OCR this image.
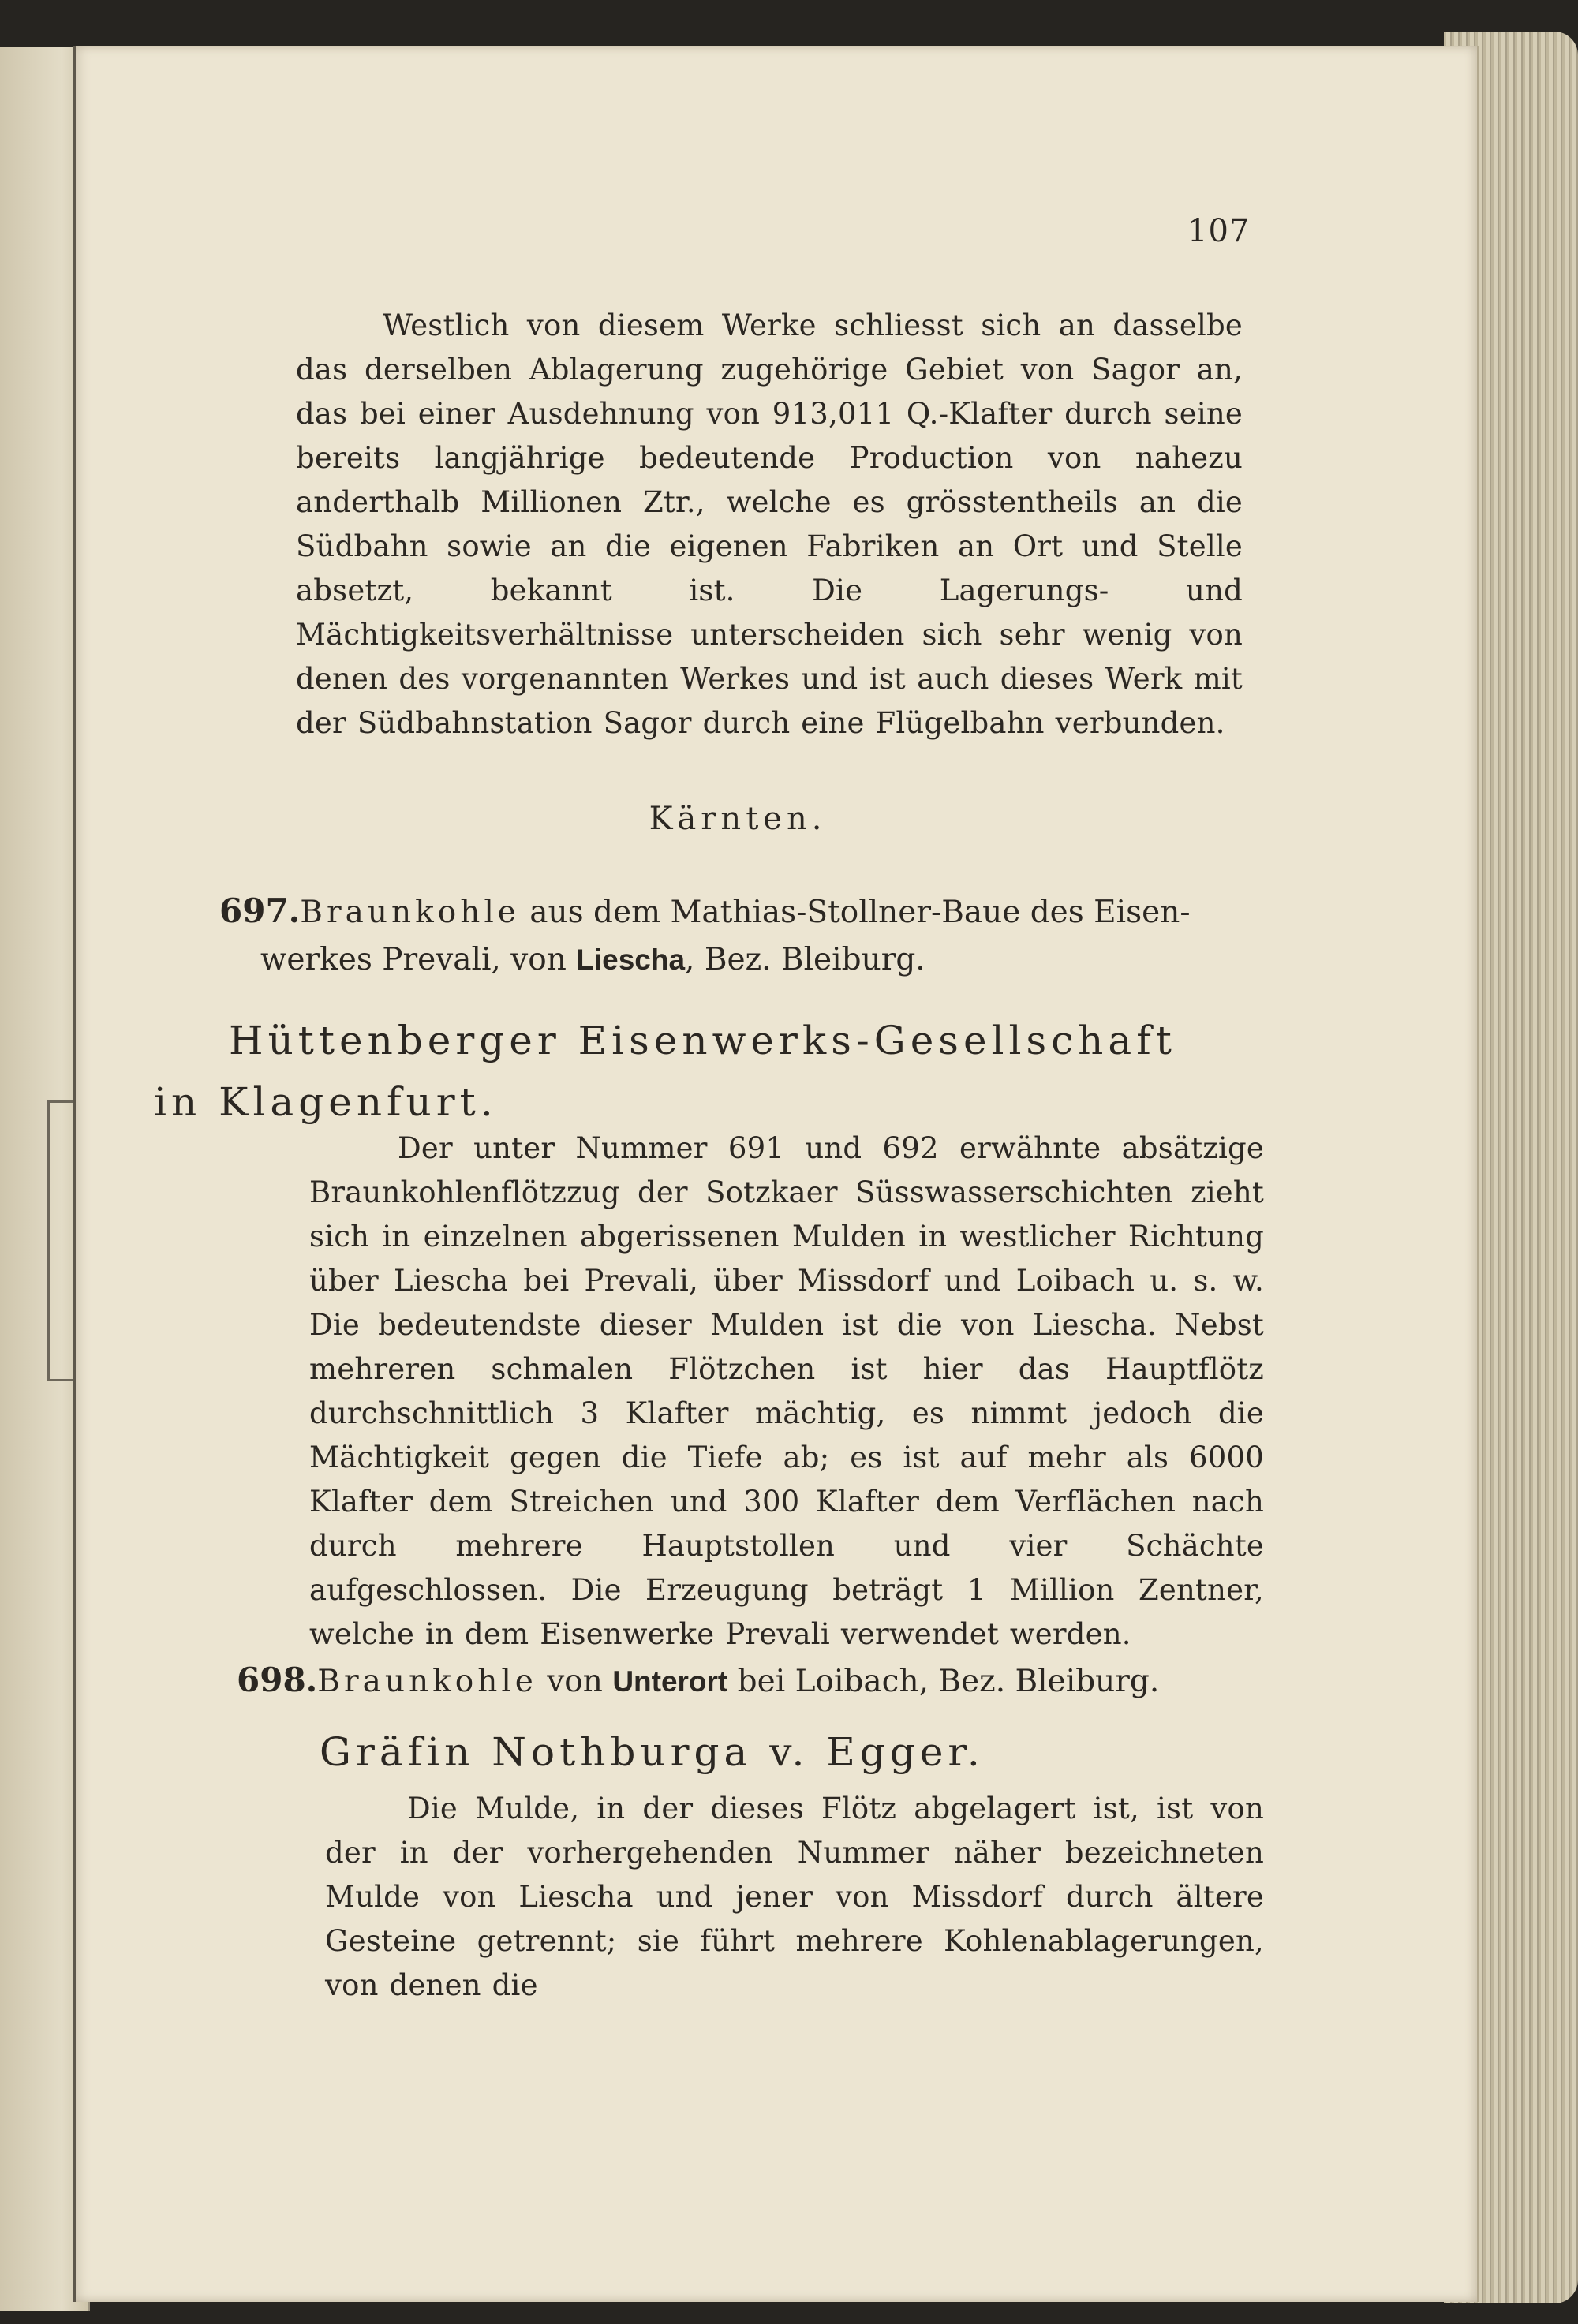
107

Westlich von diesem Werke schliesst sich an dasselbe das derselben Ablagerung zugehörige Gebiet von Sagor an, das bei einer Ausdehnung von 913,011 Q.-Klafter durch seine bereits langjährige bedeutende Production von nahezu anderthalb Millionen Ztr., welche es grösstentheils an die Südbahn sowie an die eigenen Fabriken an Ort und Stelle absetzt, bekannt ist. Die Lagerungs- und Mächtigkeitsverhältnisse unterscheiden sich sehr wenig von denen des vorgenannten Werkes und ist auch dieses Werk mit der Südbahnstation Sagor durch eine Flügelbahn verbunden.

Kärnten.

697.Braunkohle aus dem Mathias-Stollner-Baue des Eisen-
werkes Prevali, von Liescha, Bez. Bleiburg.

Hüttenberger Eisenwerks-Gesellschaft
in Klagenfurt.

Der unter Nummer 691 und 692 erwähnte absätzige Braunkohlenflötzzug der Sotzkaer Süsswasserschichten zieht sich in einzelnen abgerissenen Mulden in westlicher Richtung über Liescha bei Prevali, über Missdorf und Loibach u. s. w. Die bedeutendste dieser Mulden ist die von Liescha. Nebst mehreren schmalen Flötzchen ist hier das Hauptflötz durchschnittlich 3 Klafter mächtig, es nimmt jedoch die Mächtigkeit gegen die Tiefe ab; es ist auf mehr als 6000 Klafter dem Streichen und 300 Klafter dem Verflächen nach durch mehrere Hauptstollen und vier Schächte aufgeschlossen. Die Erzeugung beträgt 1 Million Zentner, welche in dem Eisenwerke Prevali verwendet werden.

698.Braunkohle von Unterort bei Loibach, Bez. Bleiburg.

Gräfin Nothburga v. Egger.

Die Mulde, in der dieses Flötz abgelagert ist, ist von der in der vorhergehenden Nummer näher bezeichneten Mulde von Liescha und jener von Missdorf durch ältere Gesteine getrennt; sie führt mehrere Kohlenablagerungen, von denen die
